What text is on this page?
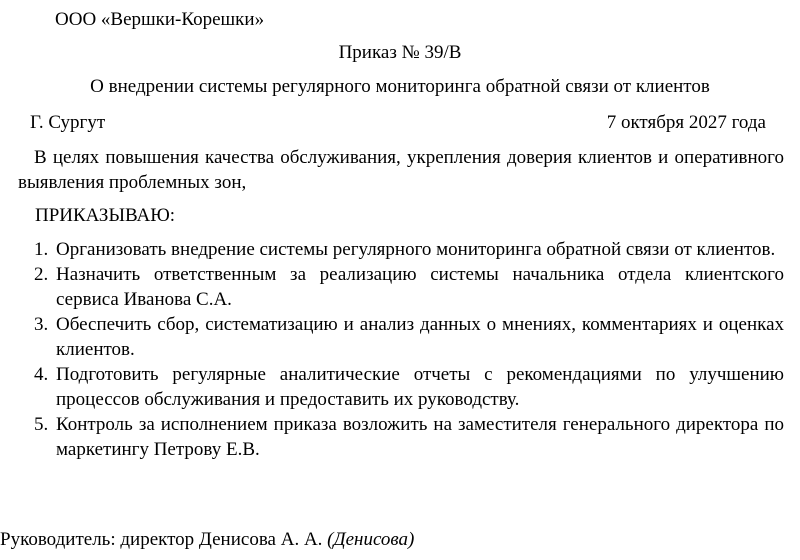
ООО «Вершки-Корешки»
Приказ № 39/В
О внедрении системы регулярного мониторинга обратной связи от клиентов
Г. Сургут	7 октября 2027 года
В целях повышения качества обслуживания, укрепления доверия клиентов и оперативного выявления проблемных зон,
ПРИКАЗЫВАЮ:
1. Организовать внедрение системы регулярного мониторинга обратной связи от клиентов.
2. Назначить ответственным за реализацию системы начальника отдела клиентского сервиса Иванова С.А.
3. Обеспечить сбор, систематизацию и анализ данных о мнениях, комментариях и оценках клиентов.
4. Подготовить регулярные аналитические отчеты с рекомендациями по улучшению процессов обслуживания и предоставить их руководству.
5. Контроль за исполнением приказа возложить на заместителя генерального директора по маркетингу Петрову Е.В.
Руководитель: директор Денисова А. А. (Денисова)
